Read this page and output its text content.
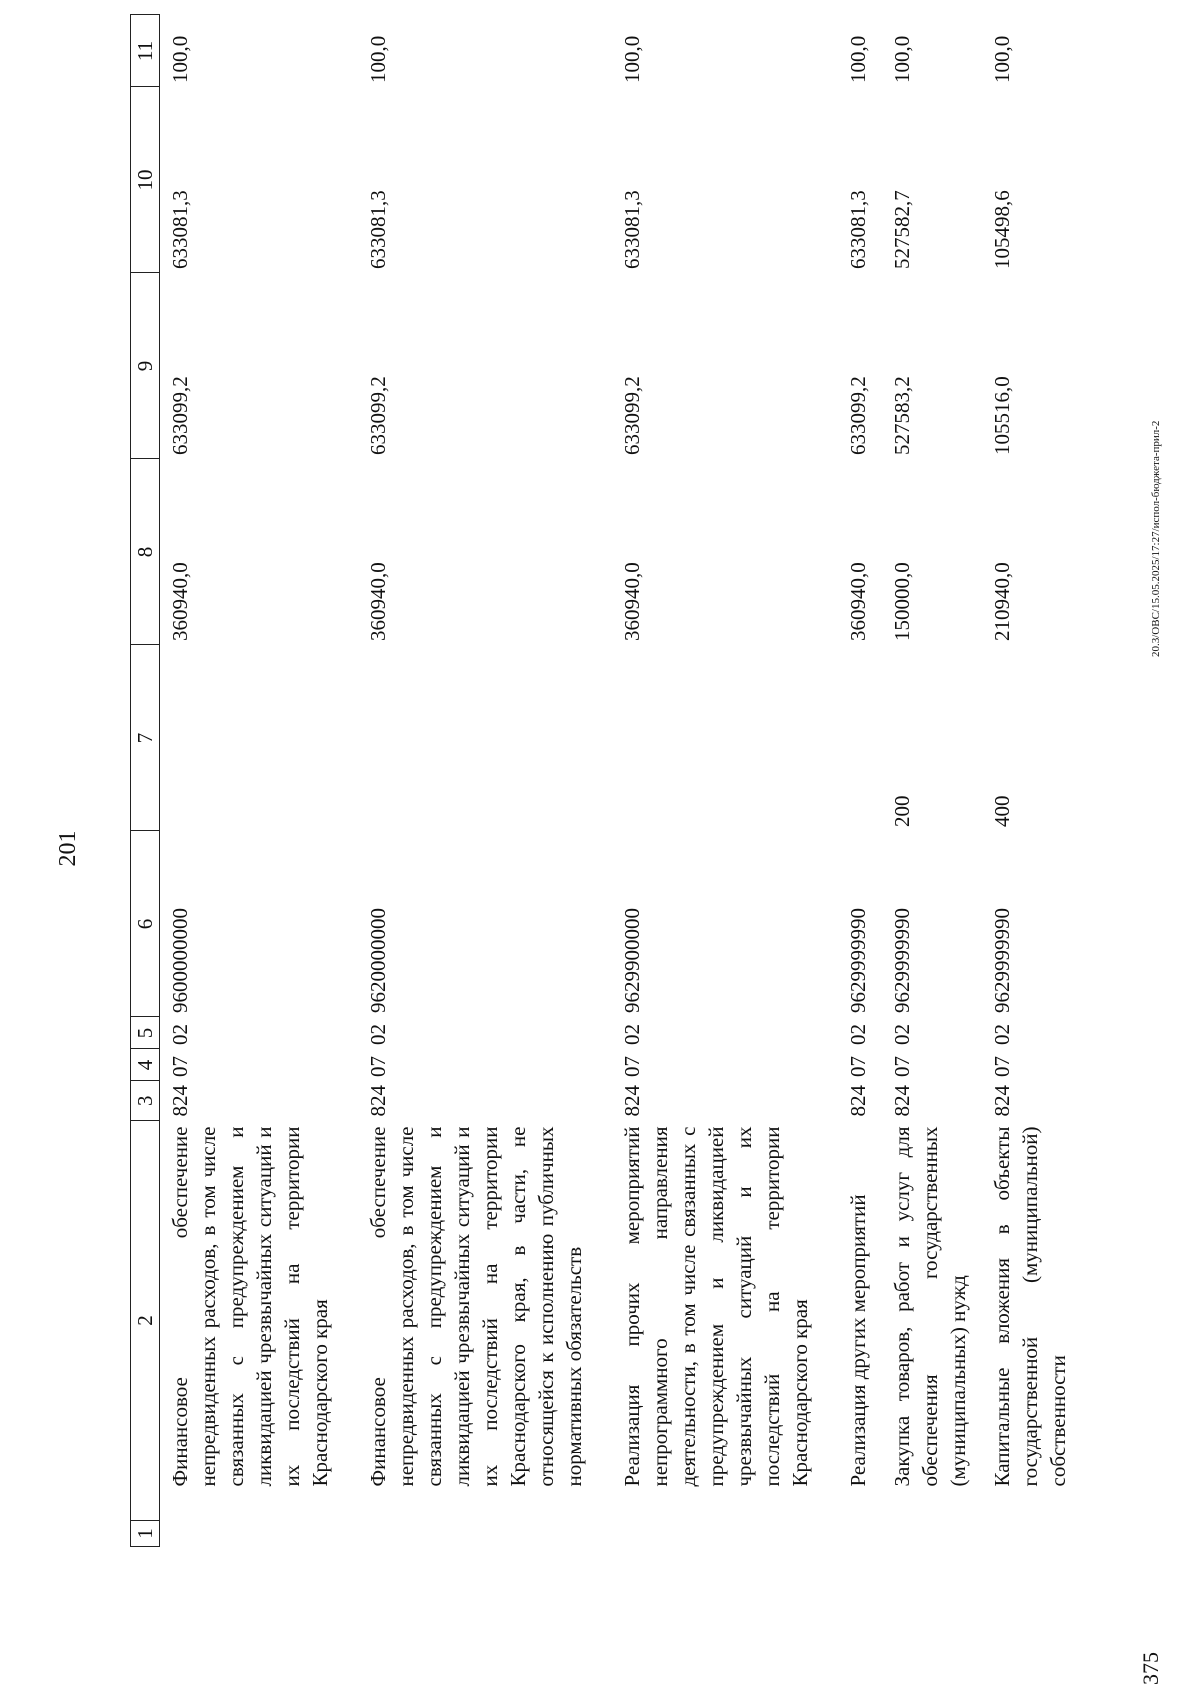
201
1	2	3	4	5	6	7	8	9	10	11
	Финансовое обеспечение непредвиденных расходов, в том числе связанных с предупреждением и ликвидацией чрезвычайных ситуаций и их последствий на территории Краснодарского края	824	07	02	9600000000		360940,0	633099,2	633081,3	100,0
	Финансовое обеспечение непредвиденных расходов, в том числе связанных с предупреждением и ликвидацией чрезвычайных ситуаций и их последствий на территории Краснодарского края, в части, не относящейся к исполнению публичных нормативных обязательств	824	07	02	9620000000		360940,0	633099,2	633081,3	100,0
	Реализация прочих мероприятий непрограммного направления деятельности, в том числе связанных с предупреждением и ликвидацией чрезвычайных ситуаций и их последствий на территории Краснодарского края	824	07	02	9629900000		360940,0	633099,2	633081,3	100,0
	Реализация других мероприятий	824	07	02	9629999990		360940,0	633099,2	633081,3	100,0
	Закупка товаров, работ и услуг для обеспечения государственных (муниципальных) нужд	824	07	02	9629999990	200	150000,0	527583,2	527582,7	100,0
	Капитальные вложения в объекты государственной (муниципальной) собственности	824	07	02	9629999990	400	210940,0	105516,0	105498,6	100,0
20.3/OBC/15.05.2025/17:27/испол-бюджета-прил-2
375
